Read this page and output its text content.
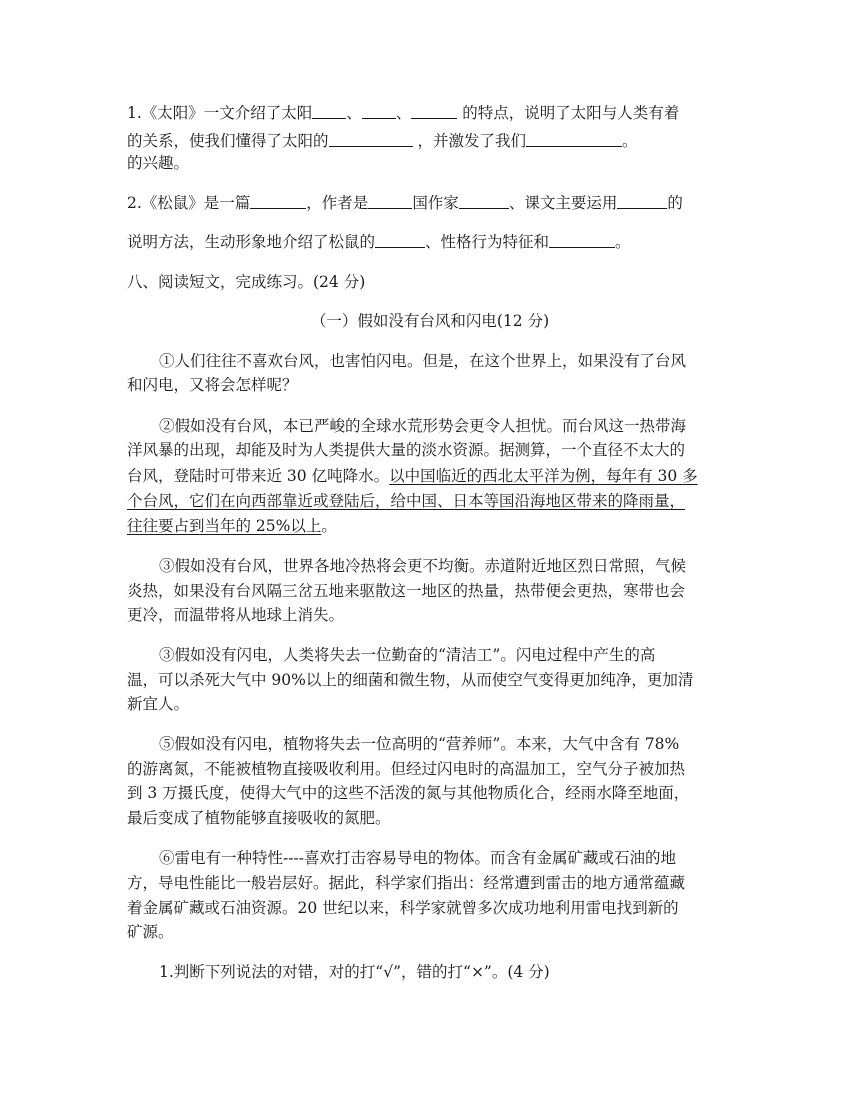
1.《太阳》一文介绍了太阳 、 、	的特点，说明了太阳与人类有着
的关系，使我们懂得了太阳的	，并激发了我们	。
的兴趣。
2.《松鼠》是一篇	，作者是	国作家	、课文主要运用	的
说明方法，生动形象地介绍了松鼠的	、性格行为特征和	。
八、阅读短文，完成练习。(24 分)
（一）假如没有台风和闪电(12 分)
①人们往往不喜欢台风，也害怕闪电。但是，在这个世界上，如果没有了台风
和闪电，又将会怎样呢？
②假如没有台风，本已严峻的全球水荒形势会更令人担忧。而台风这一热带海
洋风暴的出现，却能及时为人类提供大量的淡水资源。据测算，一个直径不太大的
台风，登陆时可带来近 30 亿吨降水。以中国临近的西北太平洋为例，每年有 30 多
个台风，它们在向西部靠近或登陆后，给中国、日本等国沿海地区带来的降雨量，
往往要占到当年的 25%以上。
③假如没有台风，世界各地冷热将会更不均衡。赤道附近地区烈日常照，气候
炎热，如果没有台风隔三岔五地来驱散这一地区的热量，热带便会更热，寒带也会
更冷，而温带将从地球上消失。
③假如没有闪电，人类将失去一位勤奋的“清洁工”。闪电过程中产生的高
温，可以杀死大气中 90%以上的细菌和微生物，从而使空气变得更加纯净，更加清
新宜人。
⑤假如没有闪电，植物将失去一位高明的“营养师”。本来，大气中含有 78%
的游离氮，不能被植物直接吸收利用。但经过闪电时的高温加工，空气分子被加热
到 3 万摄氏度，使得大气中的这些不活泼的氮与其他物质化合，经雨水降至地面，
最后变成了植物能够直接吸收的氮肥。
⑥雷电有一种特性----喜欢打击容易导电的物体。而含有金属矿藏或石油的地
方，导电性能比一般岩层好。据此，科学家们指出：经常遭到雷击的地方通常蕴藏
着金属矿藏或石油资源。20 世纪以来，科学家就曾多次成功地利用雷电找到新的
矿源。
1.判断下列说法的对错，对的打“√”，错的打“×”。(4 分)
